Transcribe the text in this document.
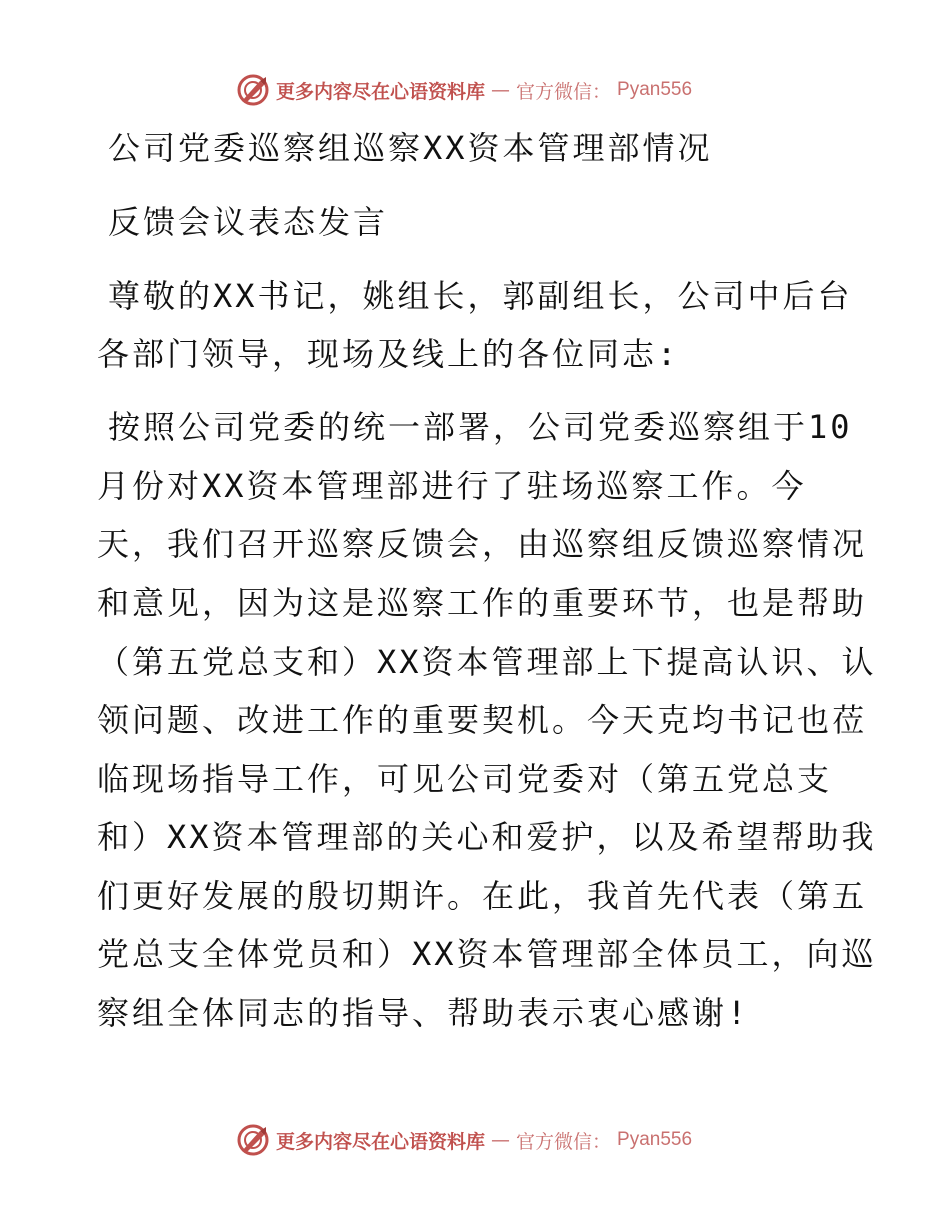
更多内容尽在心语资料库 — 官方微信： Pyan556
公司党委巡察组巡察XX资本管理部情况
反馈会议表态发言
尊敬的XX书记，姚组长，郭副组长，公司中后台
各部门领导，现场及线上的各位同志:
按照公司党委的统一部署，公司党委巡察组于10
月份对XX资本管理部进行了驻场巡察工作。今
天，我们召开巡察反馈会，由巡察组反馈巡察情况
和意见，因为这是巡察工作的重要环节，也是帮助
（第五党总支和）XX资本管理部上下提高认识、认
领问题、改进工作的重要契机。今天克均书记也莅
临现场指导工作，可见公司党委对（第五党总支
和）XX资本管理部的关心和爱护，以及希望帮助我
们更好发展的殷切期许。在此，我首先代表（第五
党总支全体党员和）XX资本管理部全体员工，向巡
察组全体同志的指导、帮助表示衷心感谢!
更多内容尽在心语资料库 — 官方微信： Pyan556
